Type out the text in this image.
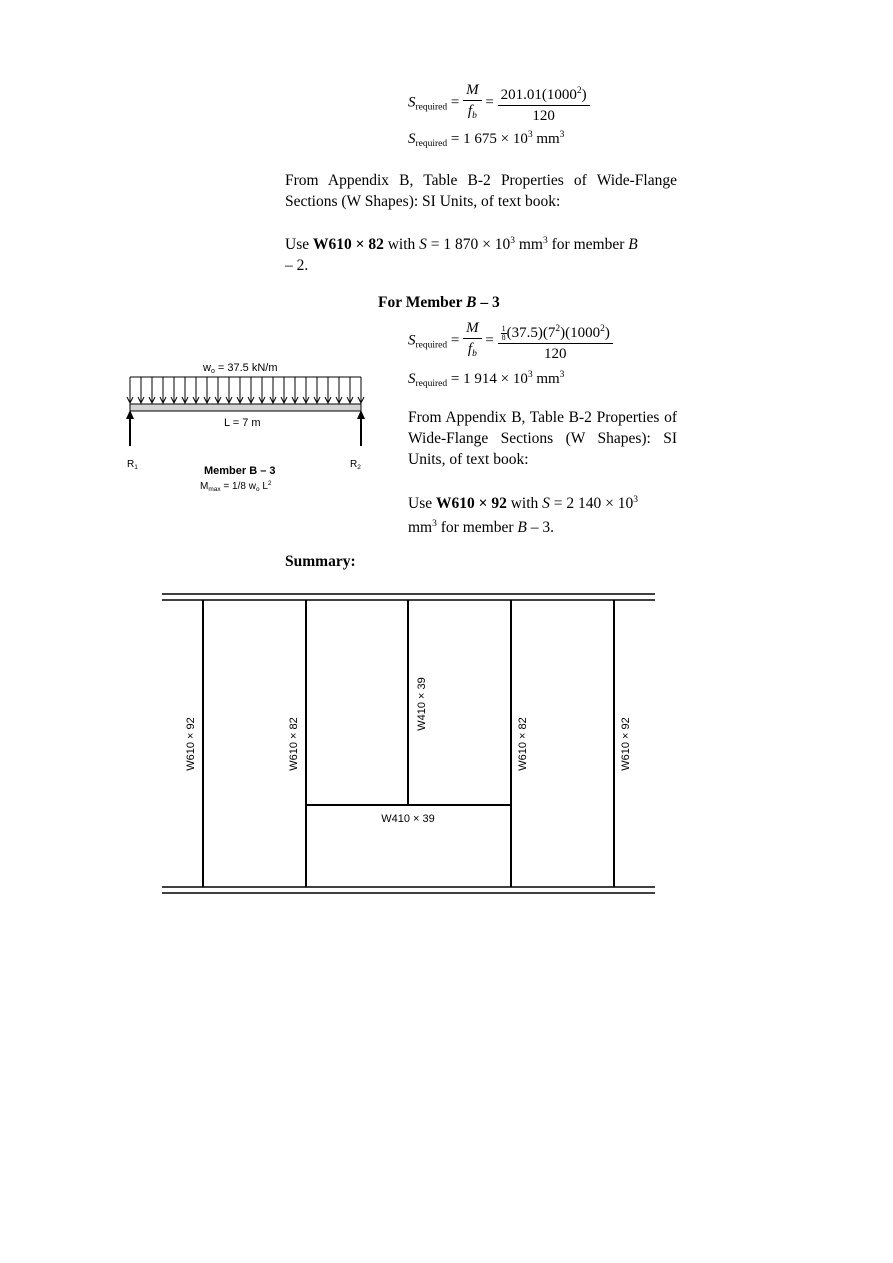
$S_{required} = \frac{M}{f_b} = \frac{201.01(1000^2)}{120}$
$S_{required} = 1$ $675 \times 10^3$ $mm^3$
From Appendix B, Table B-2 Properties of Wide-Flange Sections (W Shapes): SI Units, of text book:
Use W610 × 82 with S = 1 $870 \times 10^3$ $mm^3$ for member B
– 2.
For Member B – 3
$S_{required} = \frac{M}{f_b} = \frac{\frac{1}{8} (37.5)(7^2)(1000^2)}{120}$
$S_{required} = 1$ $914 \times 10^3$ $mm^3$
From Appendix B, Table B-2 Properties of Wide-Flange Sections (W Shapes): SI Units, of text book:
Use W610 × 92 with S = 2 $140 \times 10^3$
$mm^3$ for member B – 3.
wo = 37.5 kN/m
L = 7 m
$R_1$	$R_2$
Member B – 3
$M_{max} = 1/8$ $w_o$ $L^2$
Summary:
W610 × 92	W610 × 82
W410 × 39
W610 × 82	W610 × 92
W410 × 39
